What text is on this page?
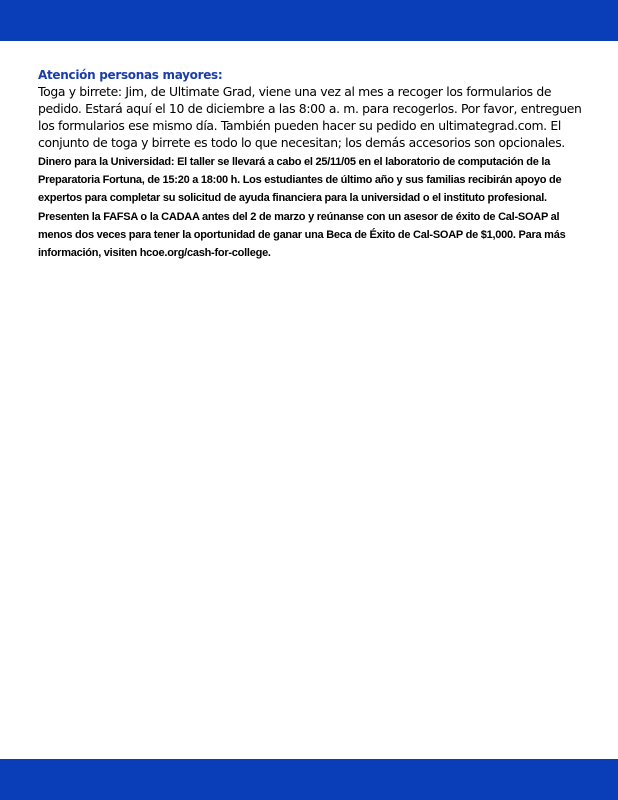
Atención personas mayores:

Toga y birrete: Jim, de Ultimate Grad, viene una vez al mes a recoger los formularios de pedido. Estará aquí el 10 de diciembre a las 8:00 a. m. para recogerlos. Por favor, entreguen los formularios ese mismo día. También pueden hacer su pedido en ultimategrad.com. El conjunto de toga y birrete es todo lo que necesitan; los demás accesorios son opcionales.

Dinero para la Universidad: El taller se llevará a cabo el 25/11/05 en el laboratorio de computación de la Preparatoria Fortuna, de 15:20 a 18:00 h. Los estudiantes de último año y sus familias recibirán apoyo de expertos para completar su solicitud de ayuda financiera para la universidad o el instituto profesional. Presenten la FAFSA o la CADAA antes del 2 de marzo y reúnanse con un asesor de éxito de Cal-SOAP al menos dos veces para tener la oportunidad de ganar una Beca de Éxito de Cal-SOAP de $1,000. Para más información, visiten hcoe.org/cash-for-college.
